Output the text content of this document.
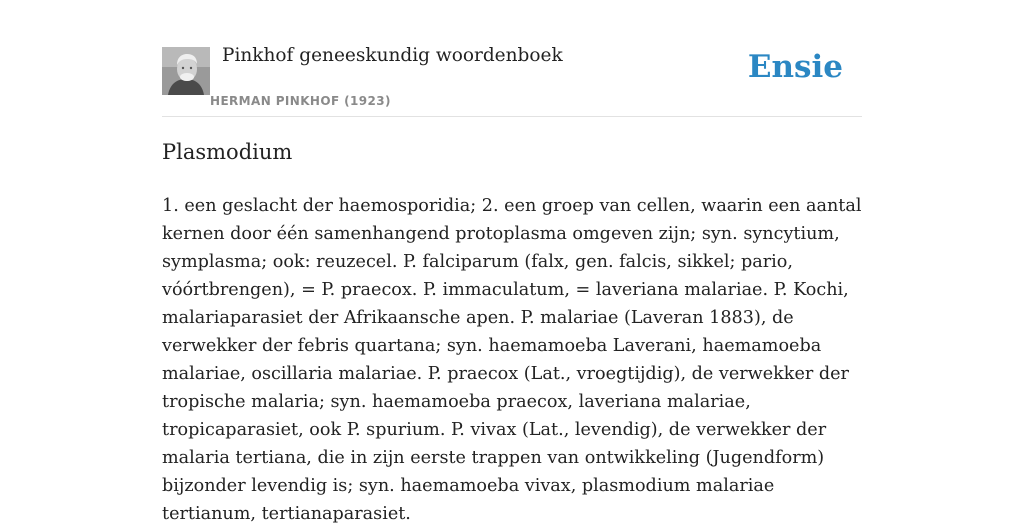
Pinkhof geneeskundig woordenboek
HERMAN PINKHOF (1923)
Ensie
Plasmodium

1. een geslacht der haemosporidia; 2. een groep van cellen, waarin een aantal kernen door één samenhangend protoplasma omgeven zijn; syn. syncytium, symplasma; ook: reuzecel. P. falciparum (falx, gen. falcis, sikkel; pario, vóórtbrengen), = P. praecox. P. immaculatum, = laveriana malariae. P. Kochi, malariaparasiet der Afrikaansche apen. P. malariae (Laveran 1883), de verwekker der febris quartana; syn. haemamoeba Laverani, haemamoeba malariae, oscillaria malariae. P. praecox (Lat., vroegtijdig), de verwekker der tropische malaria; syn. haemamoeba praecox, laveriana malariae, tropicaparasiet, ook P. spurium. P. vivax (Lat., levendig), de verwekker der malaria tertiana, die in zijn eerste trappen van ontwikkeling (Jugendform) bijzonder levendig is; syn. haemamoeba vivax, plasmodium malariae tertianum, tertianaparasiet.
